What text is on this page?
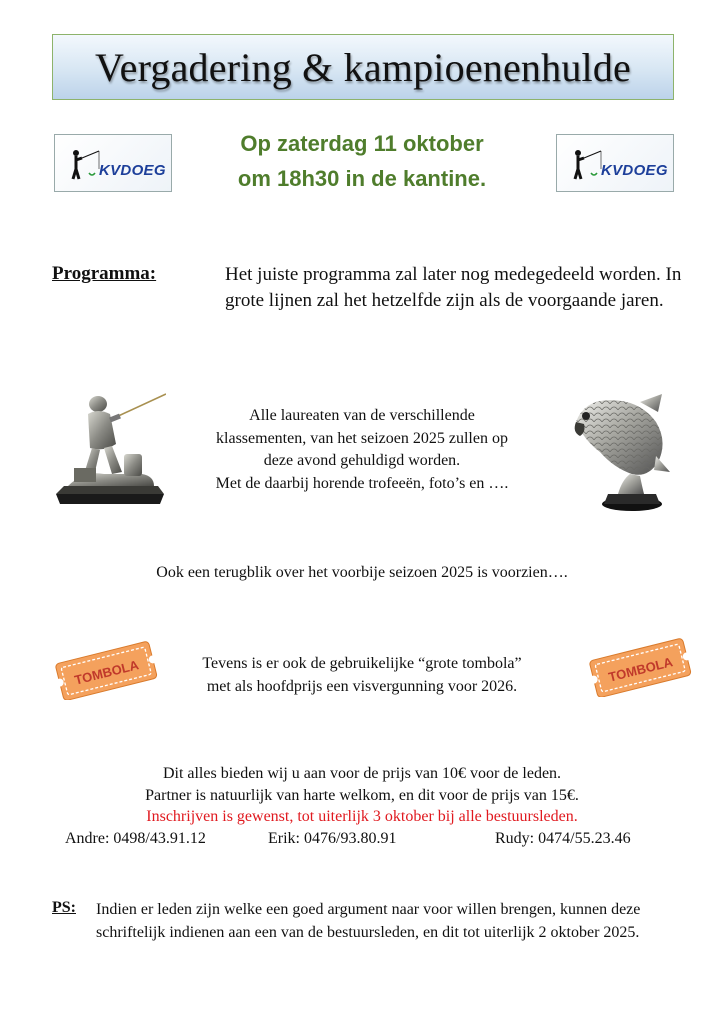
Vergadering & kampioenenhulde
KVDOEG	KVDOEG
Op zaterdag 11 oktober
om 18h30 in de kantine.
Programma:	Het juiste programma zal later nog medegedeeld worden. In grote lijnen zal het hetzelfde zijn als de voorgaande jaren.
Alle laureaten van de verschillende
klassementen, van het seizoen 2025 zullen op
deze avond gehuldigd worden.
Met de daarbij horende trofeeën, foto’s en ….
Ook een terugblik over het voorbije seizoen 2025 is voorzien….
TOMBOLA	Tevens is er ook de gebruikelijke “grote tombola”
met als hoofdprijs een visvergunning voor 2026.
TOMBOLA
Dit alles bieden wij u aan voor de prijs van 10€ voor de leden.
Partner is natuurlijk van harte welkom, en dit voor de prijs van 15€.
Inschrijven is gewenst, tot uiterlijk 3 oktober bij alle bestuursleden.
Andre: 0498/43.91.12	Erik: 0476/93.80.91	Rudy: 0474/55.23.46
PS: Indien er leden zijn welke een goed argument naar voor willen brengen, kunnen deze schriftelijk indienen aan een van de bestuursleden, en dit tot uiterlijk 2 oktober 2025.
